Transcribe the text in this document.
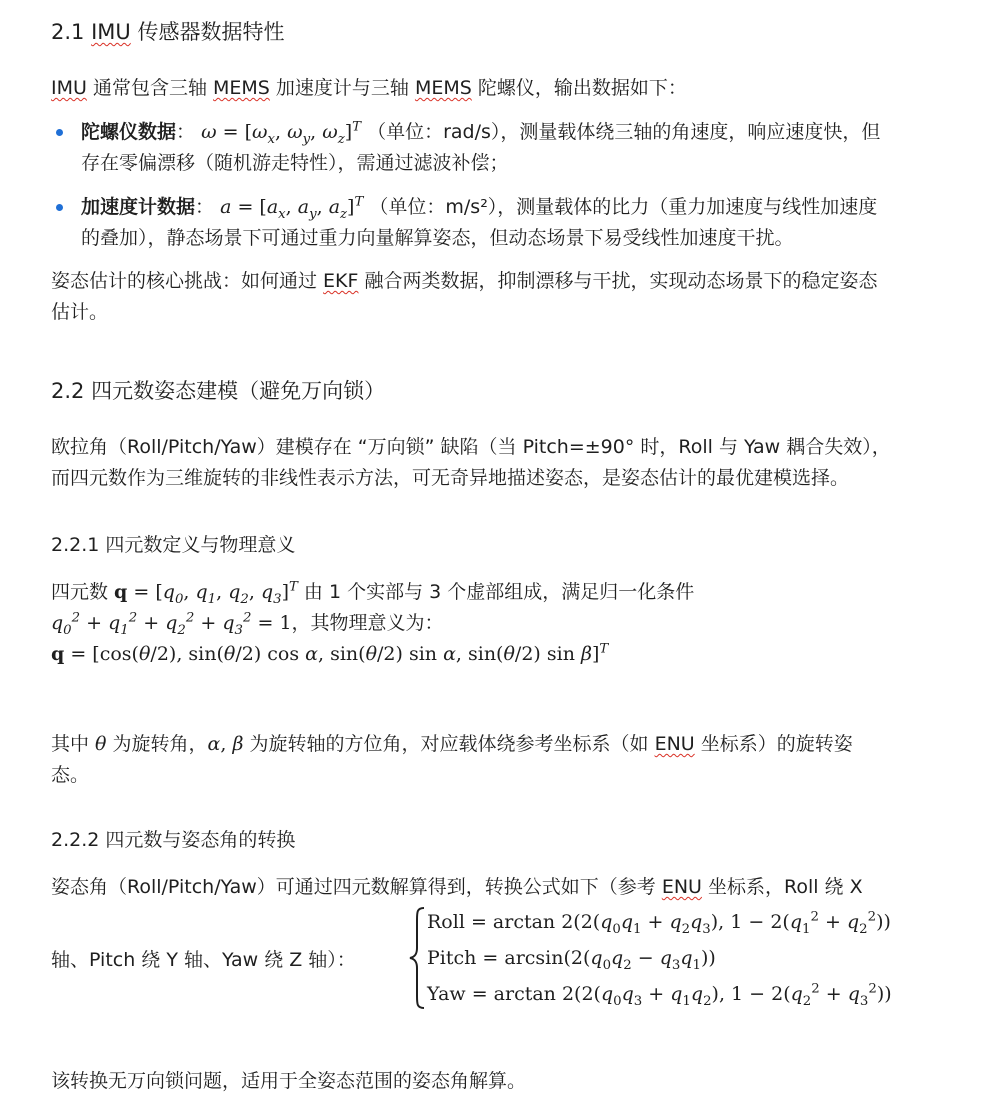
2.1 IMU 传感器数据特性
IMU 通常包含三轴 MEMS 加速度计与三轴 MEMS 陀螺仪，输出数据如下：
陀螺仪数据： $\omega = [\omega_x$, $\omega_y$, $\omega_z]^T$ （单位：rad/s），测量载体绕三轴的角速度，响应速度快，但
存在零偏漂移（随机游走特性），需通过滤波补偿；
加速度计数据： $a = [a_x$, $a_y$, $a_z]^T$ （单位：m/s²），测量载体的比力（重力加速度与线性加速度
的叠加），静态场景下可通过重力向量解算姿态，但动态场景下易受线性加速度干扰。
姿态估计的核心挑战：如何通过 EKF 融合两类数据，抑制漂移与干扰，实现动态场景下的稳定姿态
估计。
2.2 四元数姿态建模（避免万向锁）
欧拉角（Roll/Pitch/Yaw）建模存在 “万向锁” 缺陷（当 Pitch=±90° 时，Roll 与 Yaw 耦合失效），
而四元数作为三维旋转的非线性表示方法，可无奇异地描述姿态，是姿态估计的最优建模选择。
2.2.1 四元数定义与物理意义
四元数 $q = [q_0$, $q_1$, $q_2$, $q_3]^T$ 由 1 个实部与 3 个虚部组成，满足归一化条件
$q_0^2 + q_1^2 + q_2^2 + q_3^2 = 1$，其物理意义为：
q = [cos(θ/2), sin(θ/2) cos α, sin(θ/2) sin α, sin(θ/2) sin β]$^T$
其中 θ 为旋转角，α, β 为旋转轴的方位角，对应载体绕参考坐标系（如 ENU 坐标系）的旋转姿
态。
2.2.2 四元数与姿态角的转换
姿态角（Roll/Pitch/Yaw）可通过四元数解算得到，转换公式如下（参考 ENU 坐标系，Roll 绕 X
轴、Pitch 绕 Y 轴、Yaw 绕 Z 轴）：
Roll = $\arctan 2(2(q_0q_1 + q_2q_3)$, $1 - 2(q_1^2 + q_2^2)$)
Pitch = $\arcsin(2(q_0q_2 - q_3q_1))$
Yaw = $\arctan 2(2(q_0q_3 + q_1q_2)$, $1 - 2(q_2^2 + q_3^2)$)
该转换无万向锁问题，适用于全姿态范围的姿态角解算。
